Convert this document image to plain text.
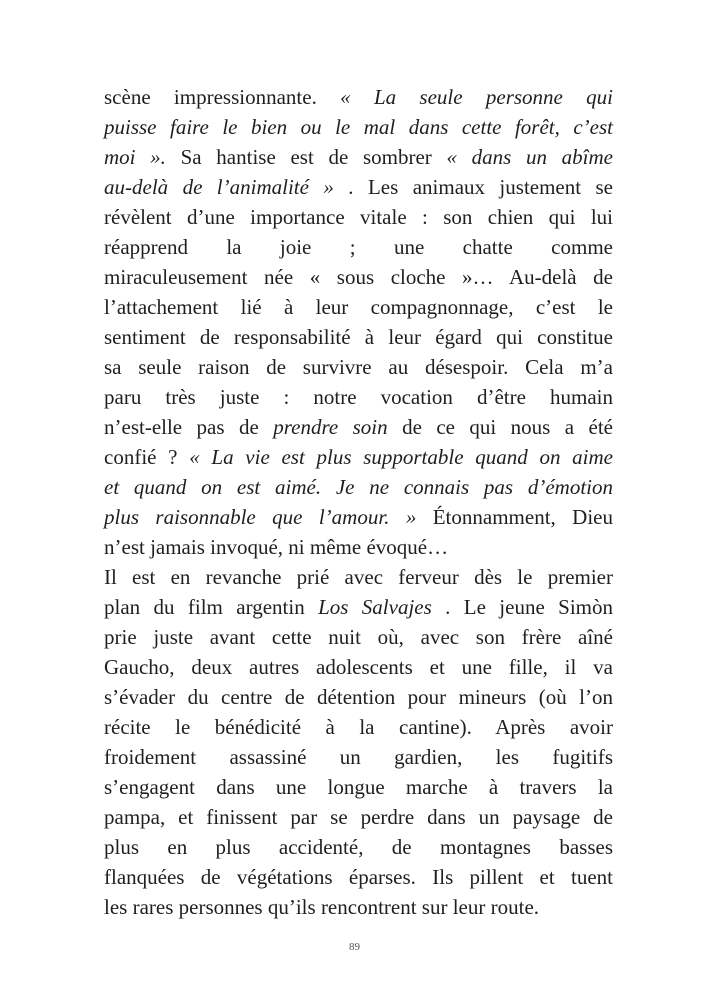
scène impressionnante. « La seule personne qui
puisse faire le bien ou le mal dans cette forêt, c’est
moi ». Sa hantise est de sombrer « dans un abîme
au-delà de l’animalité » . Les animaux justement se
révèlent d’une importance vitale : son chien qui lui
réapprend la joie ; une chatte comme
miraculeusement née « sous cloche »… Au-delà de
l’attachement lié à leur compagnonnage, c’est le
sentiment de responsabilité à leur égard qui constitue
sa seule raison de survivre au désespoir. Cela m’a
paru très juste : notre vocation d’être humain
n’est-elle pas de prendre soin de ce qui nous a été
confié ? « La vie est plus supportable quand on aime
et quand on est aimé. Je ne connais pas d’émotion
plus raisonnable que l’amour. » Étonnamment, Dieu
n’est jamais invoqué, ni même évoqué…
Il est en revanche prié avec ferveur dès le premier
plan du film argentin Los Salvajes . Le jeune Simòn
prie juste avant cette nuit où, avec son frère aîné
Gaucho, deux autres adolescents et une fille, il va
s’évader du centre de détention pour mineurs (où l’on
récite le bénédicité à la cantine). Après avoir
froidement assassiné un gardien, les fugitifs
s’engagent dans une longue marche à travers la
pampa, et finissent par se perdre dans un paysage de
plus en plus accidenté, de montagnes basses
flanquées de végétations éparses. Ils pillent et tuent
les rares personnes qu’ils rencontrent sur leur route.
89
